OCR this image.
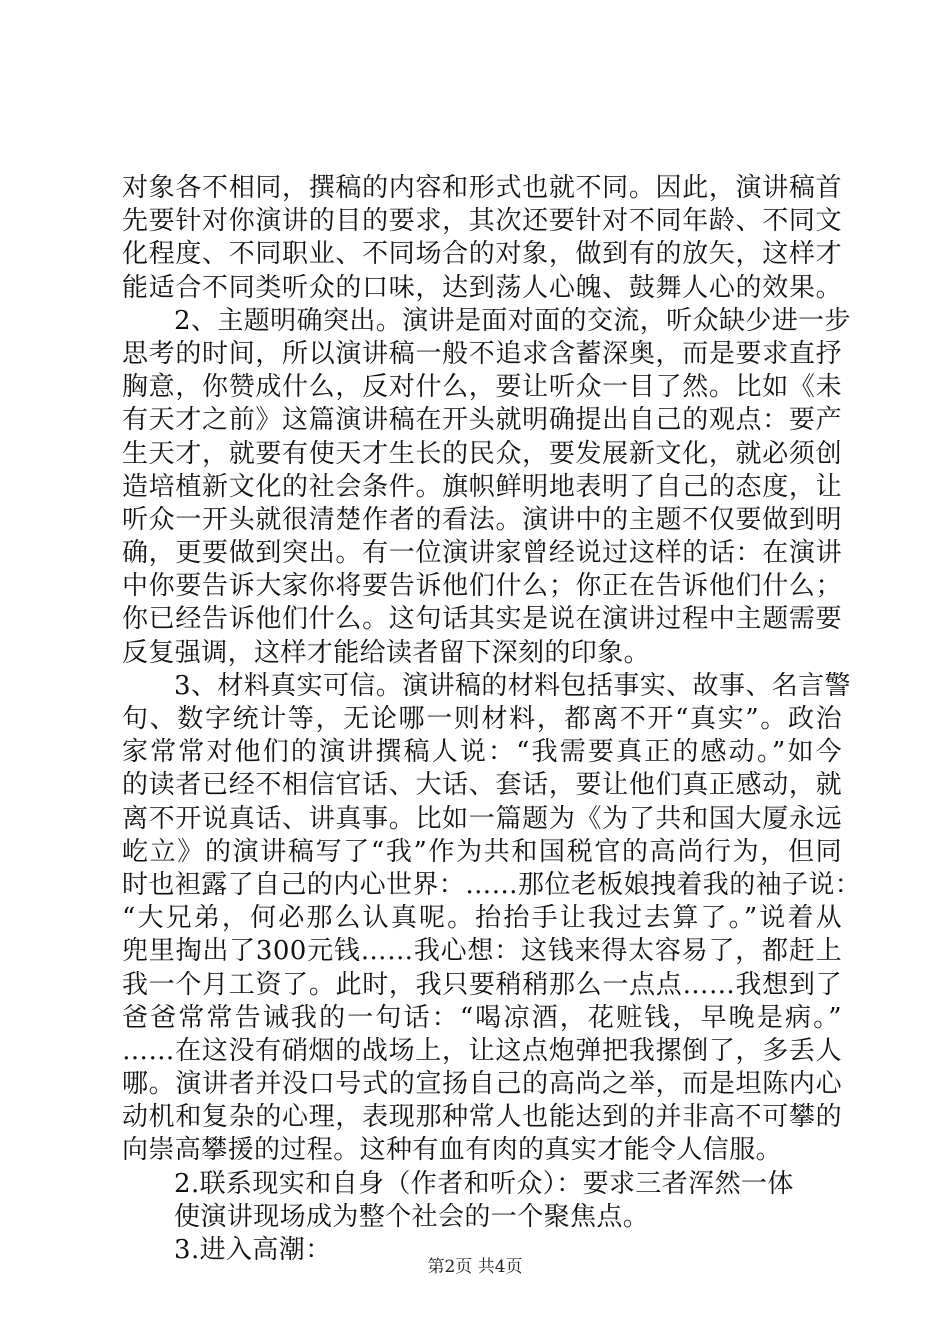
对象各不相同，撰稿的内容和形式也就不同。因此，演讲稿首
先要针对你演讲的目的要求，其次还要针对不同年龄、不同文
化程度、不同职业、不同场合的对象，做到有的放矢，这样才
能适合不同类听众的口味，达到荡人心魄、鼓舞人心的效果。
2、主题明确突出。演讲是面对面的交流，听众缺少进一步
思考的时间，所以演讲稿一般不追求含蓄深奥，而是要求直抒
胸意，你赞成什么，反对什么，要让听众一目了然。比如《未
有天才之前》这篇演讲稿在开头就明确提出自己的观点：要产
生天才，就要有使天才生长的民众，要发展新文化，就必须创
造培植新文化的社会条件。旗帜鲜明地表明了自己的态度，让
听众一开头就很清楚作者的看法。演讲中的主题不仅要做到明
确，更要做到突出。有一位演讲家曾经说过这样的话：在演讲
中你要告诉大家你将要告诉他们什么；你正在告诉他们什么；
你已经告诉他们什么。这句话其实是说在演讲过程中主题需要
反复强调，这样才能给读者留下深刻的印象。
3、材料真实可信。演讲稿的材料包括事实、故事、名言警
句、数字统计等，无论哪一则材料，都离不开“真实”。政治
家常常对他们的演讲撰稿人说：“我需要真正的感动。”如今
的读者已经不相信官话、大话、套话，要让他们真正感动，就
离不开说真话、讲真事。比如一篇题为《为了共和国大厦永远
屹立》的演讲稿写了“我”作为共和国税官的高尚行为，但同
时也袒露了自己的内心世界：……那位老板娘拽着我的袖子说：
“大兄弟，何必那么认真呢。抬抬手让我过去算了。”说着从
兜里掏出了300元钱……我心想：这钱来得太容易了，都赶上
我一个月工资了。此时，我只要稍稍那么一点点……我想到了
爸爸常常告诫我的一句话：“喝凉酒，花赃钱，早晚是病。”
……在这没有硝烟的战场上，让这点炮弹把我摞倒了，多丢人
哪。演讲者并没口号式的宣扬自己的高尚之举，而是坦陈内心
动机和复杂的心理，表现那种常人也能达到的并非高不可攀的
向崇高攀援的过程。这种有血有肉的真实才能令人信服。
2.联系现实和自身（作者和听众）：要求三者浑然一体
使演讲现场成为整个社会的一个聚焦点。
3.进入高潮：
第2页 共4页
